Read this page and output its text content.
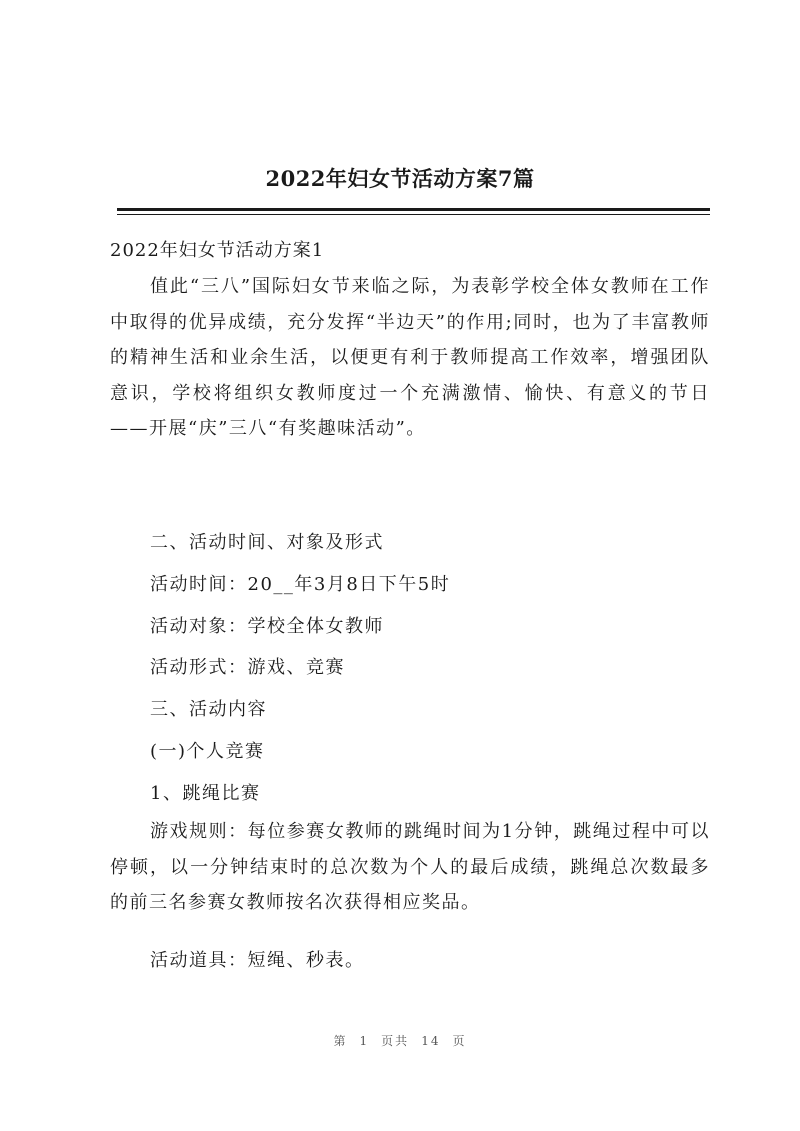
2022年妇女节活动方案7篇
2022年妇女节活动方案1

值此“三八”国际妇女节来临之际，为表彰学校全体女教师在工作中取得的优异成绩，充分发挥“半边天”的作用;同时，也为了丰富教师的精神生活和业余生活，以便更有利于教师提高工作效率，增强团队意识，学校将组织女教师度过一个充满激情、愉快、有意义的节日——开展“庆”三八“有奖趣味活动”。

二、活动时间、对象及形式
活动时间：20__年3月8日下午5时
活动对象：学校全体女教师
活动形式：游戏、竞赛
三、活动内容
(一)个人竞赛
1、跳绳比赛

游戏规则：每位参赛女教师的跳绳时间为1分钟，跳绳过程中可以停顿，以一分钟结束时的总次数为个人的最后成绩，跳绳总次数最多的前三名参赛女教师按名次获得相应奖品。

活动道具：短绳、秒表。
第 1 页共 14 页
